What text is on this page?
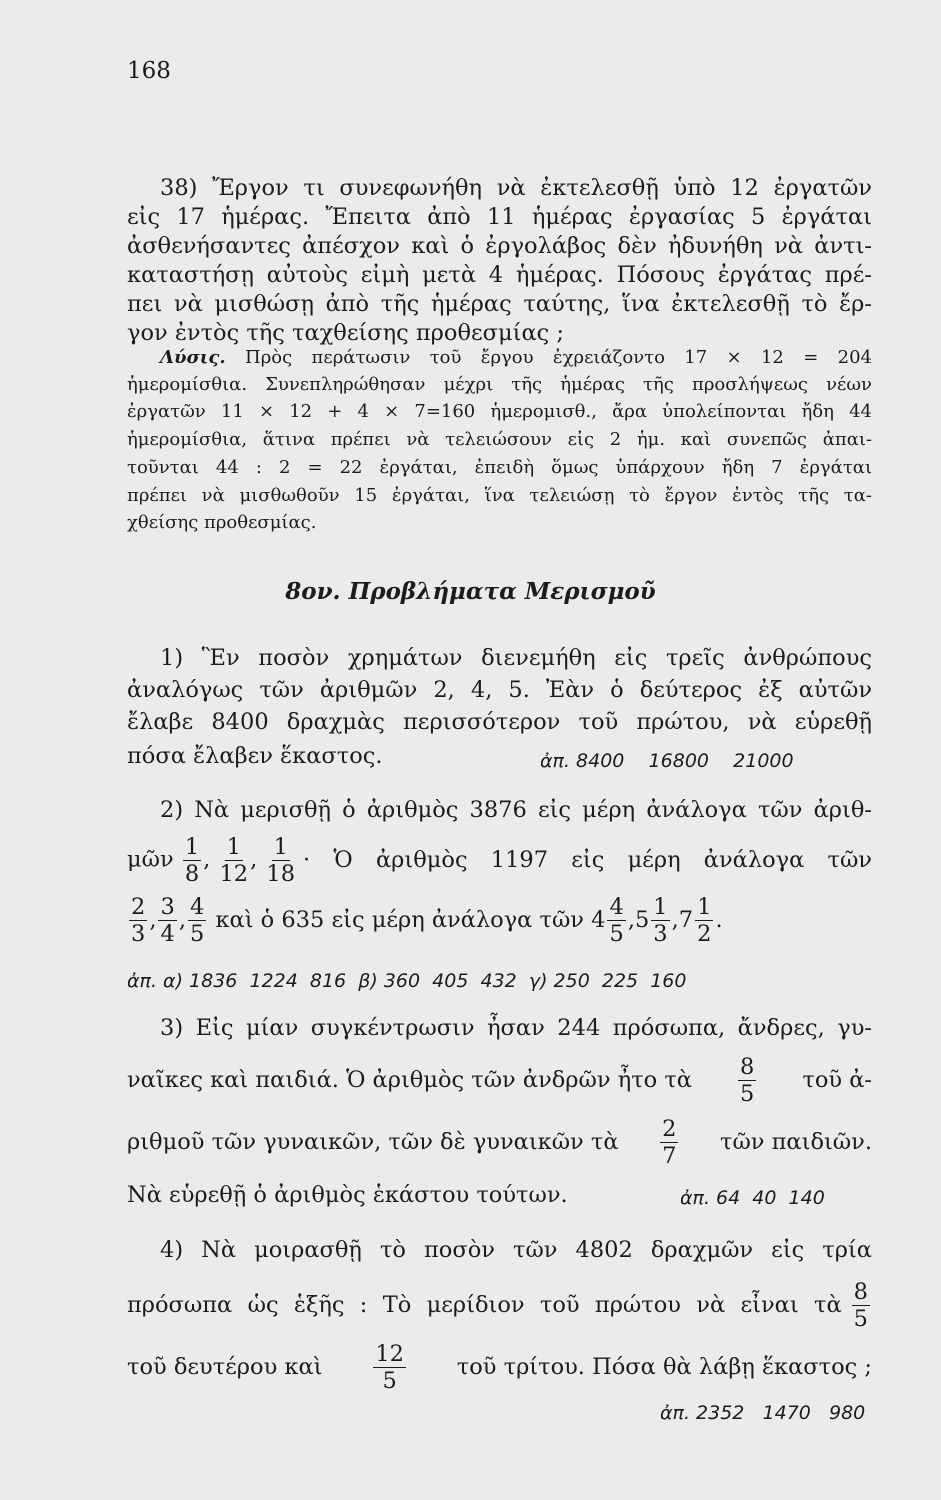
168
38) Ἔργον τι συνεφωνήθη νὰ ἐκτελεσθῇ ὑπὸ 12 ἐργατῶν
εἰς 17 ἡμέρας. Ἔπειτα ἀπὸ 11 ἡμέρας ἐργασίας 5 ἐργάται
ἀσθενήσαντες ἀπέσχον καὶ ὁ ἐργολάβος δὲν ἠδυνήθη νὰ ἀντι-
καταστήσῃ αὐτοὺς εἰμὴ μετὰ 4 ἡμέρας. Πόσους ἐργάτας πρέ-
πει νὰ μισθώσῃ ἀπὸ τῆς ἡμέρας ταύτης, ἵνα ἐκτελεσθῇ τὸ ἔρ-
γον ἐντὸς τῆς ταχθείσης προθεσμίας ;
Λύσις. Πρὸς περάτωσιν τοῦ ἔργου ἐχρειάζοντο 17 × 12 = 204
ἡμερομίσθια. Συνεπληρώθησαν μέχρι τῆς ἡμέρας τῆς προσλήψεως νέων
ἐργατῶν 11 × 12 + 4 × 7=160 ἡμερομισθ., ἄρα ὑπολείπονται ἤδη 44
ἡμερομίσθια, ἅτινα πρέπει νὰ τελειώσουν εἰς 2 ἡμ. καὶ συνεπῶς ἀπαι-
τοῦνται 44 : 2 = 22 ἐργάται, ἐπειδὴ ὅμως ὑπάρχουν ἤδη 7 ἐργάται
πρέπει νὰ μισθωθοῦν 15 ἐργάται, ἵνα τελειώσῃ τὸ ἔργον ἐντὸς τῆς τα-
χθείσης προθεσμίας.
8ον. Προβλήματα Μερισμοῦ
1) Ἓν ποσὸν χρημάτων διενεμήθη εἰς τρεῖς ἀνθρώπους
ἀναλόγως τῶν ἀριθμῶν 2, 4, 5. Ἐὰν ὁ δεύτερος ἐξ αὐτῶν
ἔλαβε 8400 δραχμὰς περισσότερον τοῦ πρώτου, νὰ εὑρεθῇ
πόσα ἔλαβεν ἕκαστος.	ἀπ. 8400    16800    21000
2) Νὰ μερισθῇ ὁ ἀριθμὸς 3876 εἰς μέρη ἀνάλογα τῶν ἀριθ-
μῶν $\frac{1}{8}$ , $\frac{1}{12}$ , $\frac{1}{18}$ · Ὁ ἀριθμὸς 1197 εἰς μέρη ἀνάλογα τῶν
2
3
,
3
4
,
4
5

καὶ ὁ 635 εἰς μέρη ἀνάλογα τῶν
4
4
5
, 5
1
3
, 7
1
2
.
ἀπ. α) 1836  1224  816  β) 360  405  432  γ) 250  225  160
3) Εἰς μίαν συγκέντρωσιν ἦσαν 244 πρόσωπα, ἄνδρες, γυ-
ναῖκες καὶ παιδιά. Ὁ ἀριθμὸς τῶν ἀνδρῶν ἦτο τὰ
8
5
τοῦ ἀ-
ριθμοῦ τῶν γυναικῶν, τῶν δὲ γυναικῶν τὰ
2
7
τῶν παιδιῶν.
Νὰ εὑρεθῇ ὁ ἀριθμὸς ἑκάστου τούτων.	ἀπ. 64  40  140
4) Νὰ μοιρασθῇ τὸ ποσὸν τῶν 4802 δραχμῶν εἰς τρία
πρόσωπα ὡς ἑξῆς : Τὸ μερίδιον τοῦ πρώτου νὰ εἶναι τὰ
8
5
τοῦ δευτέρου καὶ
12
5
τοῦ τρίτου. Πόσα θὰ λάβῃ ἕκαστος ;
ἀπ. 2352   1470   980
